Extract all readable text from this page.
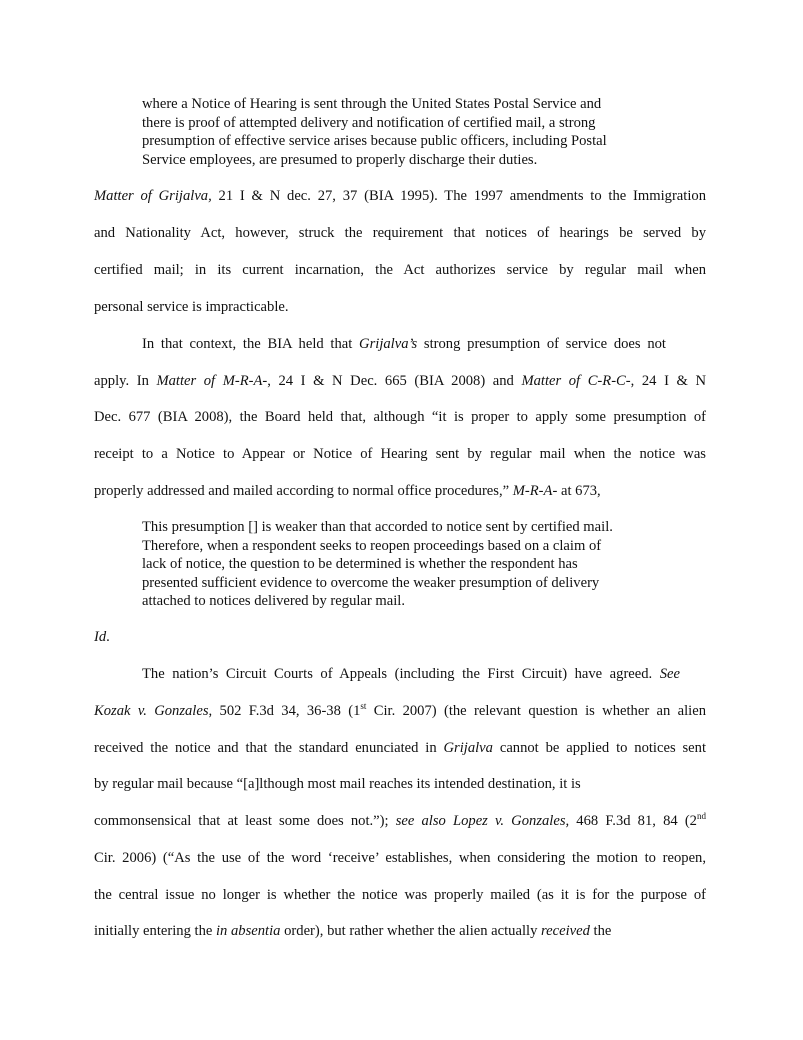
where a Notice of Hearing is sent through the United States Postal Service and
there is proof of attempted delivery and notification of certified mail, a strong
presumption of effective service arises because public officers, including Postal
Service employees, are presumed to properly discharge their duties.
Matter of Grijalva, 21 I & N dec. 27, 37 (BIA 1995). The 1997 amendments to the Immigration
and Nationality Act, however, struck the requirement that notices of hearings be served by
certified mail; in its current incarnation, the Act authorizes service by regular mail when
personal service is impracticable.
In that context, the BIA held that Grijalva’s strong presumption of service does not
apply. In Matter of M-R-A-, 24 I & N Dec. 665 (BIA 2008) and Matter of C-R-C-, 24 I & N
Dec. 677 (BIA 2008), the Board held that, although “it is proper to apply some presumption of
receipt to a Notice to Appear or Notice of Hearing sent by regular mail when the notice was
properly addressed and mailed according to normal office procedures,” M-R-A- at 673,
This presumption [] is weaker than that accorded to notice sent by certified mail.
Therefore, when a respondent seeks to reopen proceedings based on a claim of
lack of notice, the question to be determined is whether the respondent has
presented sufficient evidence to overcome the weaker presumption of delivery
attached to notices delivered by regular mail.
Id.
The nation’s Circuit Courts of Appeals (including the First Circuit) have agreed. See
Kozak v. Gonzales, 502 F.3d 34, 36-38 (1st Cir. 2007) (the relevant question is whether an alien
received the notice and that the standard enunciated in Grijalva cannot be applied to notices sent
by regular mail because “[a]lthough most mail reaches its intended destination, it is
commonsensical that at least some does not.”); see also Lopez v. Gonzales, 468 F.3d 81, 84 (2nd
Cir. 2006) (“As the use of the word ‘receive’ establishes, when considering the motion to reopen,
the central issue no longer is whether the notice was properly mailed (as it is for the purpose of
initially entering the in absentia order), but rather whether the alien actually received the
